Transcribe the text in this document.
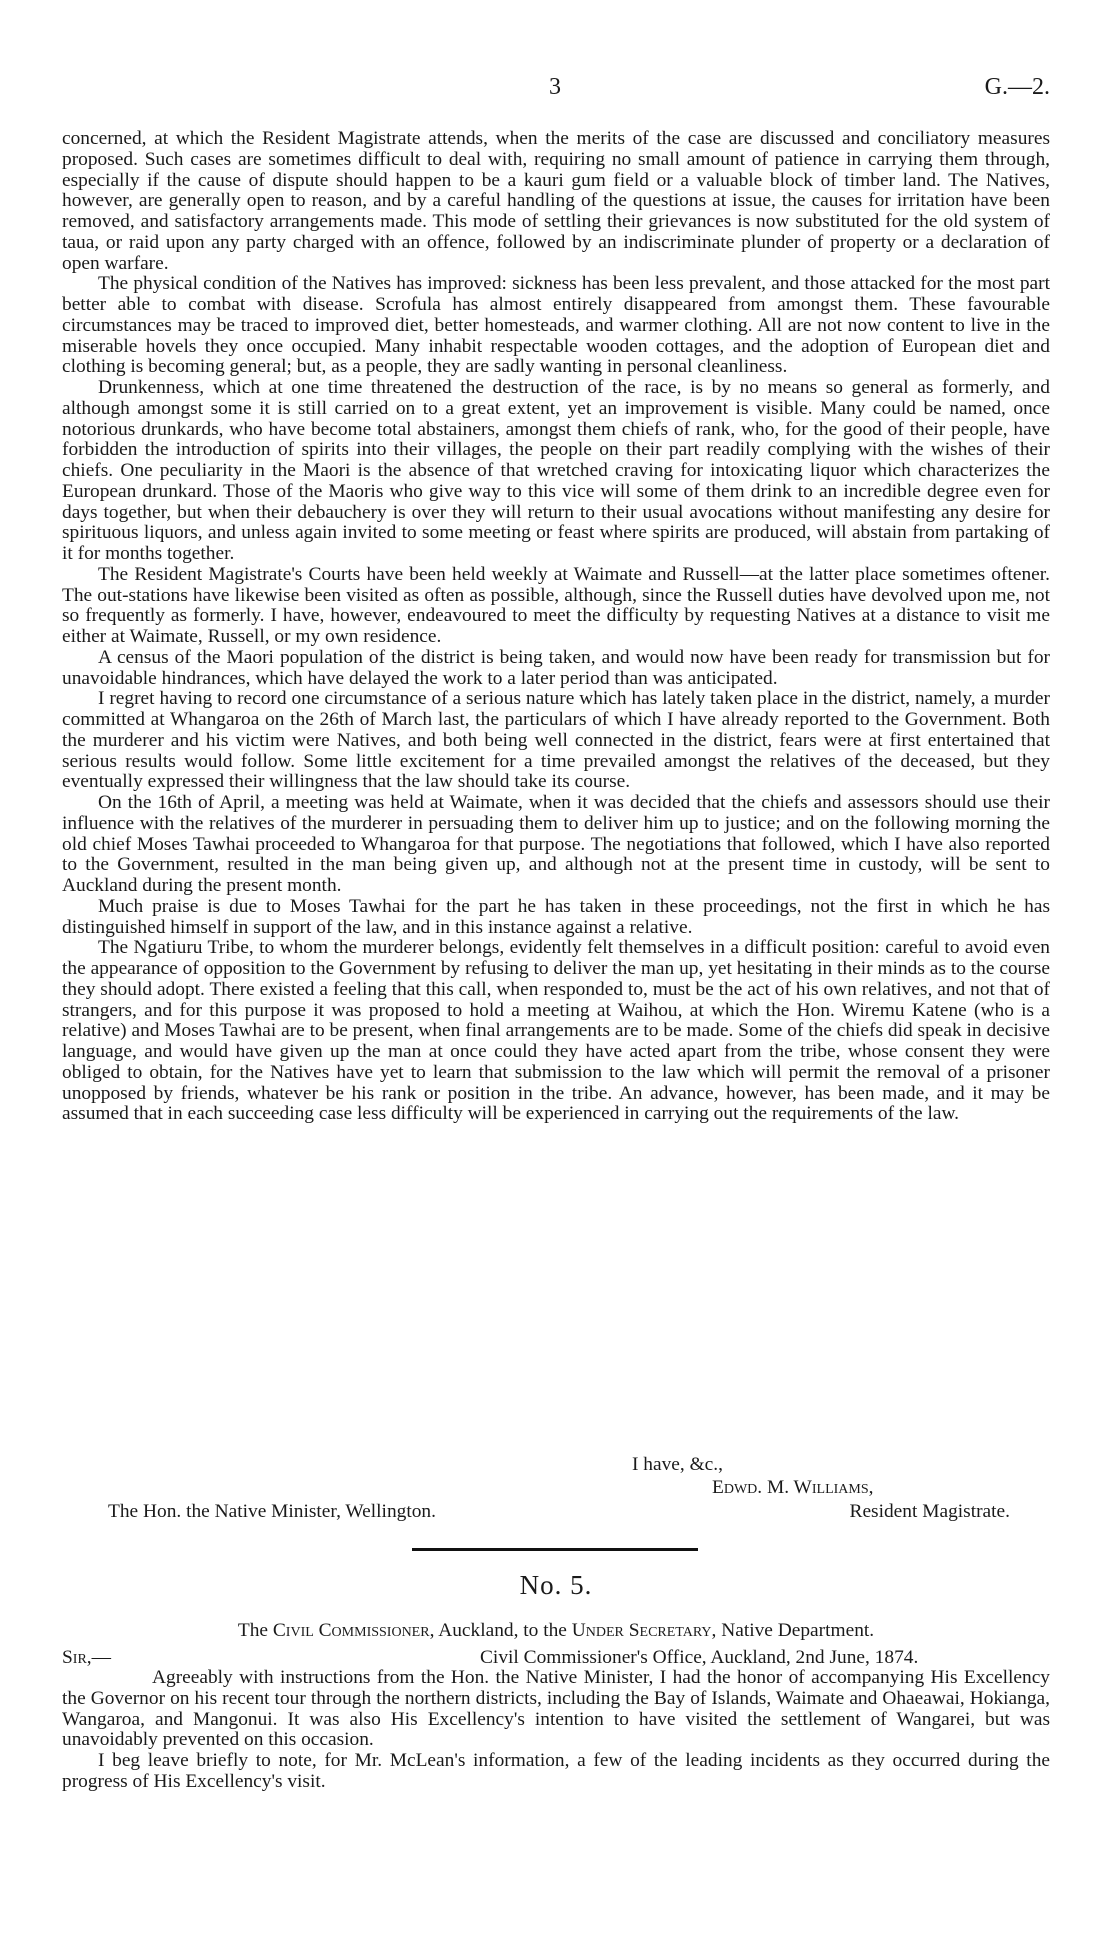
3	G.—2.

concerned, at which the Resident Magistrate attends, when the merits of the case are discussed and conciliatory measures proposed. Such cases are sometimes difficult to deal with, requiring no small amount of patience in carrying them through, especially if the cause of dispute should happen to be a kauri gum field or a valuable block of timber land. The Natives, however, are generally open to reason, and by a careful handling of the questions at issue, the causes for irritation have been removed, and satisfactory arrangements made. This mode of settling their grievances is now substituted for the old system of taua, or raid upon any party charged with an offence, followed by an indiscriminate plunder of property or a declaration of open warfare.

The physical condition of the Natives has improved: sickness has been less prevalent, and those attacked for the most part better able to combat with disease. Scrofula has almost entirely disappeared from amongst them. These favourable circumstances may be traced to improved diet, better homesteads, and warmer clothing. All are not now content to live in the miserable hovels they once occupied. Many inhabit respectable wooden cottages, and the adoption of European diet and clothing is becoming general; but, as a people, they are sadly wanting in personal cleanliness.

Drunkenness, which at one time threatened the destruction of the race, is by no means so general as formerly, and although amongst some it is still carried on to a great extent, yet an improvement is visible. Many could be named, once notorious drunkards, who have become total abstainers, amongst them chiefs of rank, who, for the good of their people, have forbidden the introduction of spirits into their villages, the people on their part readily complying with the wishes of their chiefs. One peculiarity in the Maori is the absence of that wretched craving for intoxicating liquor which characterizes the European drunkard. Those of the Maoris who give way to this vice will some of them drink to an incredible degree even for days together, but when their debauchery is over they will return to their usual avocations without manifesting any desire for spirituous liquors, and unless again invited to some meeting or feast where spirits are produced, will abstain from partaking of it for months together.

The Resident Magistrate's Courts have been held weekly at Waimate and Russell—at the latter place sometimes oftener. The out-stations have likewise been visited as often as possible, although, since the Russell duties have devolved upon me, not so frequently as formerly. I have, however, endeavoured to meet the difficulty by requesting Natives at a distance to visit me either at Waimate, Russell, or my own residence.

A census of the Maori population of the district is being taken, and would now have been ready for transmission but for unavoidable hindrances, which have delayed the work to a later period than was anticipated.

I regret having to record one circumstance of a serious nature which has lately taken place in the district, namely, a murder committed at Whangaroa on the 26th of March last, the particulars of which I have already reported to the Government. Both the murderer and his victim were Natives, and both being well connected in the district, fears were at first entertained that serious results would follow. Some little excitement for a time prevailed amongst the relatives of the deceased, but they eventually expressed their willingness that the law should take its course.

On the 16th of April, a meeting was held at Waimate, when it was decided that the chiefs and assessors should use their influence with the relatives of the murderer in persuading them to deliver him up to justice; and on the following morning the old chief Moses Tawhai proceeded to Whangaroa for that purpose. The negotiations that followed, which I have also reported to the Government, resulted in the man being given up, and although not at the present time in custody, will be sent to Auckland during the present month.

Much praise is due to Moses Tawhai for the part he has taken in these proceedings, not the first in which he has distinguished himself in support of the law, and in this instance against a relative.

The Ngatiuru Tribe, to whom the murderer belongs, evidently felt themselves in a difficult position: careful to avoid even the appearance of opposition to the Government by refusing to deliver the man up, yet hesitating in their minds as to the course they should adopt. There existed a feeling that this call, when responded to, must be the act of his own relatives, and not that of strangers, and for this purpose it was proposed to hold a meeting at Waihou, at which the Hon. Wiremu Katene (who is a relative) and Moses Tawhai are to be present, when final arrangements are to be made. Some of the chiefs did speak in decisive language, and would have given up the man at once could they have acted apart from the tribe, whose consent they were obliged to obtain, for the Natives have yet to learn that submission to the law which will permit the removal of a prisoner unopposed by friends, whatever be his rank or position in the tribe. An advance, however, has been made, and it may be assumed that in each succeeding case less difficulty will be experienced in carrying out the requirements of the law.

I have, &c.,
Edwd. M. Williams,
The Hon. the Native Minister, Wellington.	Resident Magistrate.
No. 5.
The Civil Commissioner, Auckland, to the Under Secretary, Native Department.
Sir,—	Civil Commissioner's Office, Auckland, 2nd June, 1874.

Agreeably with instructions from the Hon. the Native Minister, I had the honor of accompanying His Excellency the Governor on his recent tour through the northern districts, including the Bay of Islands, Waimate and Ohaeawai, Hokianga, Wangaroa, and Mangonui. It was also His Excellency's intention to have visited the settlement of Wangarei, but was unavoidably prevented on this occasion.

I beg leave briefly to note, for Mr. McLean's information, a few of the leading incidents as they occurred during the progress of His Excellency's visit.
